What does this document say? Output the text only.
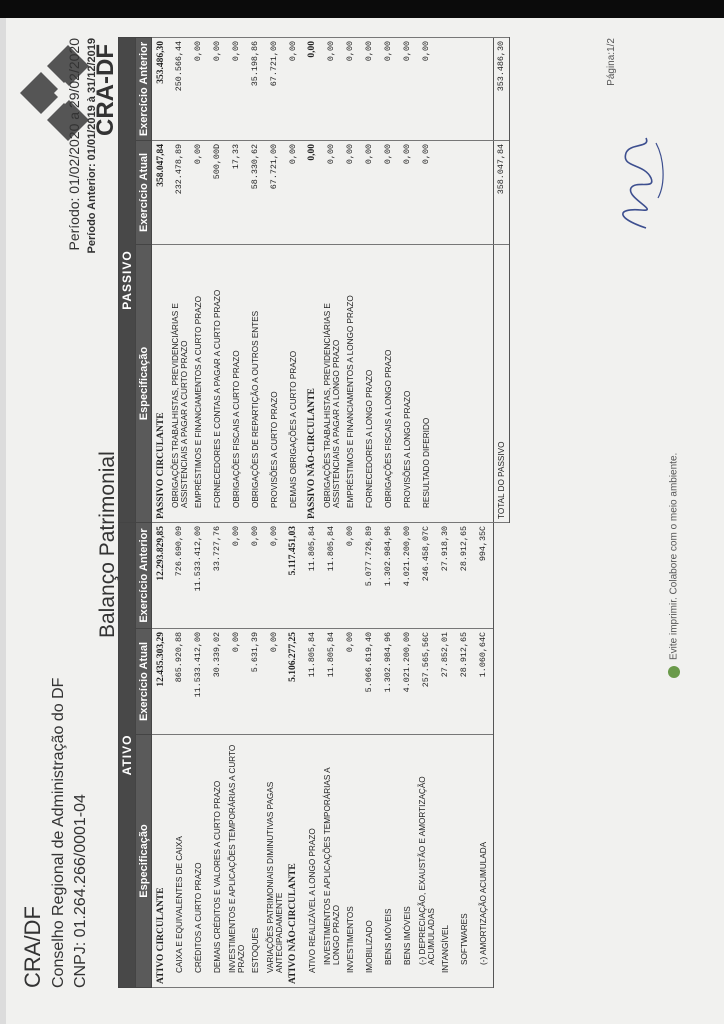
CRA/DF Conselho Regional de Administração do DF CNPJ: 01.264.266/0001-04
CRA-DF
Balanço Patrimonial
Período: 01/02/2020 a 29/02/2020 Período Anterior: 01/01/2019 à 31/12/2019
ATIVO		
Especificação	Exercício Atual	Exercício Anterior
ATIVO CIRCULANTE	12.435.303,29	12.293.829,85
CAIXA E EQUIVALENTES DE CAIXA	865.920,88	726.690,09
CRÉDITOS A CURTO PRAZO	11.533.412,00	11.533.412,00
DEMAIS CRÉDITOS E VALORES A CURTO PRAZO	30.339,02	33.727,76
INVESTIMENTOS E APLICAÇÕES TEMPORÁRIAS A CURTO PRAZO	0,00	0,00
ESTOQUES	5.631,39	0,00
VARIAÇÕES PATRIMONIAIS DIMINUTIVAS PAGAS ANTECIPADAMENTE	0,00	0,00
ATIVO NÃO-CIRCULANTE	5.106.277,25	5.117.451,03
ATIVO REALIZÁVEL A LONGO PRAZO	11.805,84	11.805,84
INVESTIMENTOS E APLICAÇÕES TEMPORÁRIAS A LONGO PRAZO	11.805,84	11.805,84
INVESTIMENTOS	0,00	0,00
IMOBILIZADO	5.066.619,40	5.077.726,89
BENS MÓVEIS	1.302.984,96	1.302.984,96
BENS IMÓVEIS	4.021.200,00	4.021.200,00
(-) DEPRECIAÇÃO, EXAUSTÃO E AMORTIZAÇÃO ACUMULADAS	257.565,56C	246.458,07C
INTANGÍVEL	27.852,01	27.918,30
SOFTWARES	28.912,65	28.912,65
(-) AMORTIZAÇÃO ACUMULADA	1.060,64C	994,35C
PASSIVO		
Especificação	Exercício Atual	Exercício Anterior
PASSIVO CIRCULANTE	358.047,84	353.486,30
OBRIGAÇÕES TRABALHISTAS, PREVIDENCIÁRIAS E ASSISTENCIAIS A PAGAR A CURTO PRAZO	232.478,89	250.566,44
EMPRÉSTIMOS E FINANCIAMENTOS A CURTO PRAZO	0,00	0,00
FORNECEDORES E CONTAS A PAGAR A CURTO PRAZO	500,00D	0,00
OBRIGAÇÕES FISCAIS A CURTO PRAZO	17,33	0,00
OBRIGAÇÕES DE REPARTIÇÃO A OUTROS ENTES	58.330,62	35.198,86
PROVISÕES A CURTO PRAZO	67.721,00	67.721,00
DEMAIS OBRIGAÇÕES A CURTO PRAZO	0,00	0,00
PASSIVO NÃO-CIRCULANTE	0,00	0,00
OBRIGAÇÕES TRABALHISTAS, PREVIDENCIÁRIAS E ASSISTENCIAIS A PAGAR A LONGO PRAZO	0,00	0,00
EMPRÉSTIMOS E FINANCIAMENTOS A LONGO PRAZO	0,00	0,00
FORNECEDORES A LONGO PRAZO	0,00	0,00
OBRIGAÇÕES FISCAIS A LONGO PRAZO	0,00	0,00
PROVISÕES A LONGO PRAZO	0,00	0,00
RESULTADO DIFERIDO	0,00	0,00

TOTAL DO PASSIVO	358.047,84	353.486,30	Página:1/2
Evite imprimir. Colabore com o meio ambiente.
